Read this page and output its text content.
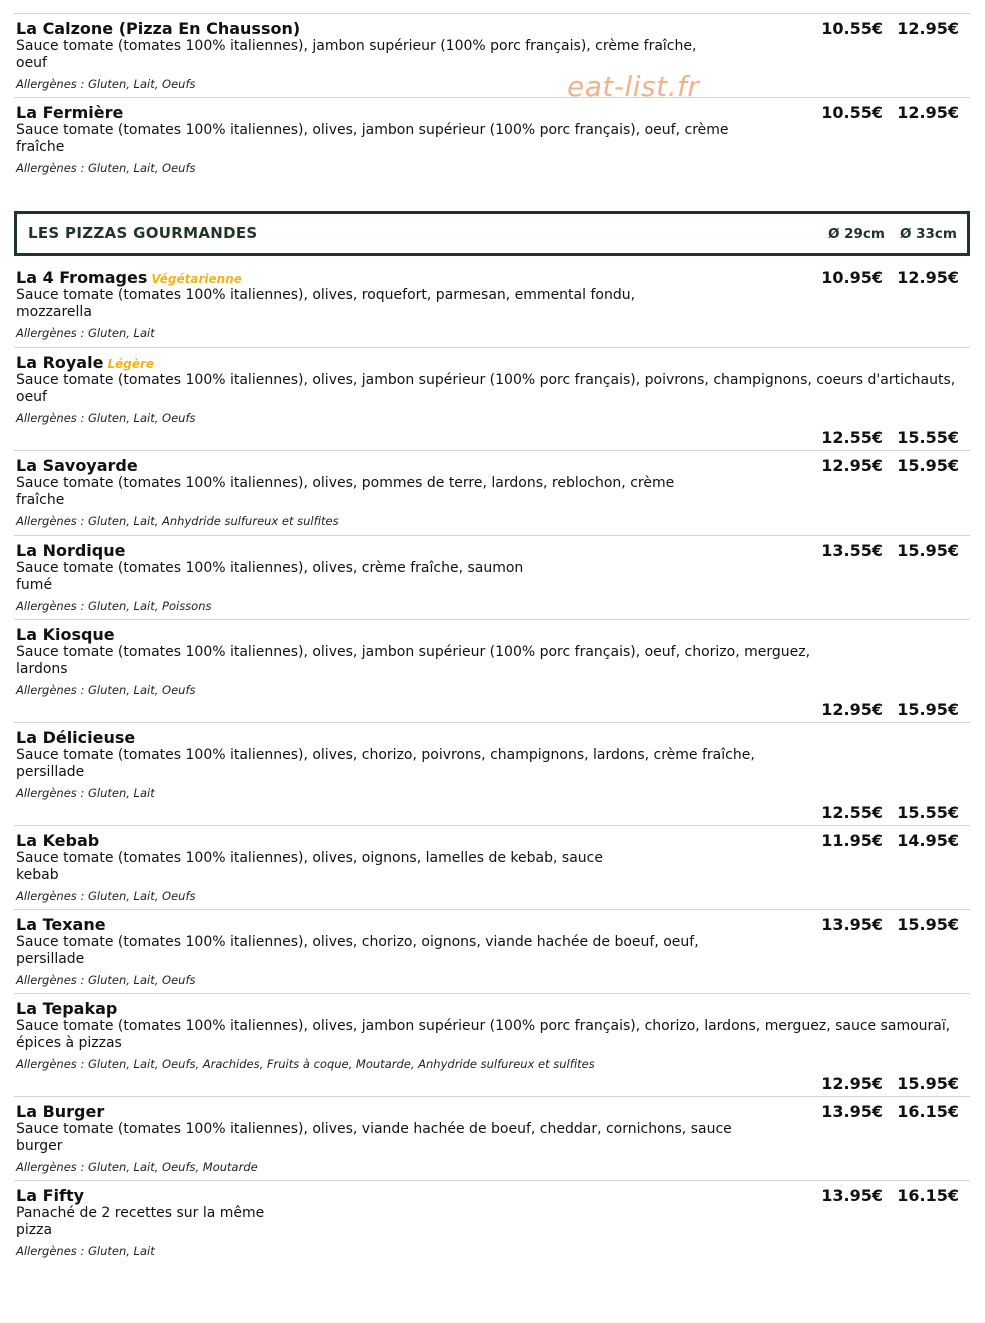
eat-list.fr
LES PIZZAS GOURMANDES	Ø 29cm Ø 33cm
La Calzone (Pizza En Chausson)
Sauce tomate (tomates 100% italiennes), jambon supérieur (100% porc français), crème fraîche,
oeuf
Allergènes : Gluten, Lait, Oeufs
10.55€ 12.95€
La Fermière
Sauce tomate (tomates 100% italiennes), olives, jambon supérieur (100% porc français), oeuf, crème
fraîche
Allergènes : Gluten, Lait, Oeufs
10.55€ 12.95€
La 4 Fromages Végétarienne
Sauce tomate (tomates 100% italiennes), olives, roquefort, parmesan, emmental fondu,
mozzarella
Allergènes : Gluten, Lait
10.95€ 12.95€
La Royale Légère
Sauce tomate (tomates 100% italiennes), olives, jambon supérieur (100% porc français), poivrons, champignons, coeurs d'artichauts,
oeuf
Allergènes : Gluten, Lait, Oeufs
12.55€ 15.55€
La Savoyarde
Sauce tomate (tomates 100% italiennes), olives, pommes de terre, lardons, reblochon, crème
fraîche
Allergènes : Gluten, Lait, Anhydride sulfureux et sulfites
12.95€ 15.95€
La Nordique
Sauce tomate (tomates 100% italiennes), olives, crème fraîche, saumon
fumé
Allergènes : Gluten, Lait, Poissons
13.55€ 15.95€
La Kiosque
Sauce tomate (tomates 100% italiennes), olives, jambon supérieur (100% porc français), oeuf, chorizo, merguez,
lardons
Allergènes : Gluten, Lait, Oeufs
12.95€ 15.95€
La Délicieuse
Sauce tomate (tomates 100% italiennes), olives, chorizo, poivrons, champignons, lardons, crème fraîche,
persillade
Allergènes : Gluten, Lait
12.55€ 15.55€
La Kebab
Sauce tomate (tomates 100% italiennes), olives, oignons, lamelles de kebab, sauce
kebab
Allergènes : Gluten, Lait, Oeufs
11.95€ 14.95€
La Texane
Sauce tomate (tomates 100% italiennes), olives, chorizo, oignons, viande hachée de boeuf, oeuf,
persillade
Allergènes : Gluten, Lait, Oeufs
13.95€ 15.95€
La Tepakap
Sauce tomate (tomates 100% italiennes), olives, jambon supérieur (100% porc français), chorizo, lardons, merguez, sauce samouraï,
épices à pizzas
Allergènes : Gluten, Lait, Oeufs, Arachides, Fruits à coque, Moutarde, Anhydride sulfureux et sulfites
12.95€ 15.95€
La Burger
Sauce tomate (tomates 100% italiennes), olives, viande hachée de boeuf, cheddar, cornichons, sauce
burger
Allergènes : Gluten, Lait, Oeufs, Moutarde
13.95€ 16.15€
La Fifty
Panaché de 2 recettes sur la même
pizza
Allergènes : Gluten, Lait
13.95€ 16.15€
